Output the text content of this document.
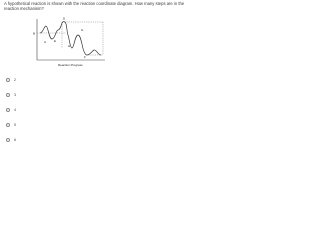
A hypothetical reaction is shown with the reaction coordinate diagram. How many steps are in the reaction mechanism?
B
A	E
D
H
G
F
Reaction Progress
2
3
4
5
6
